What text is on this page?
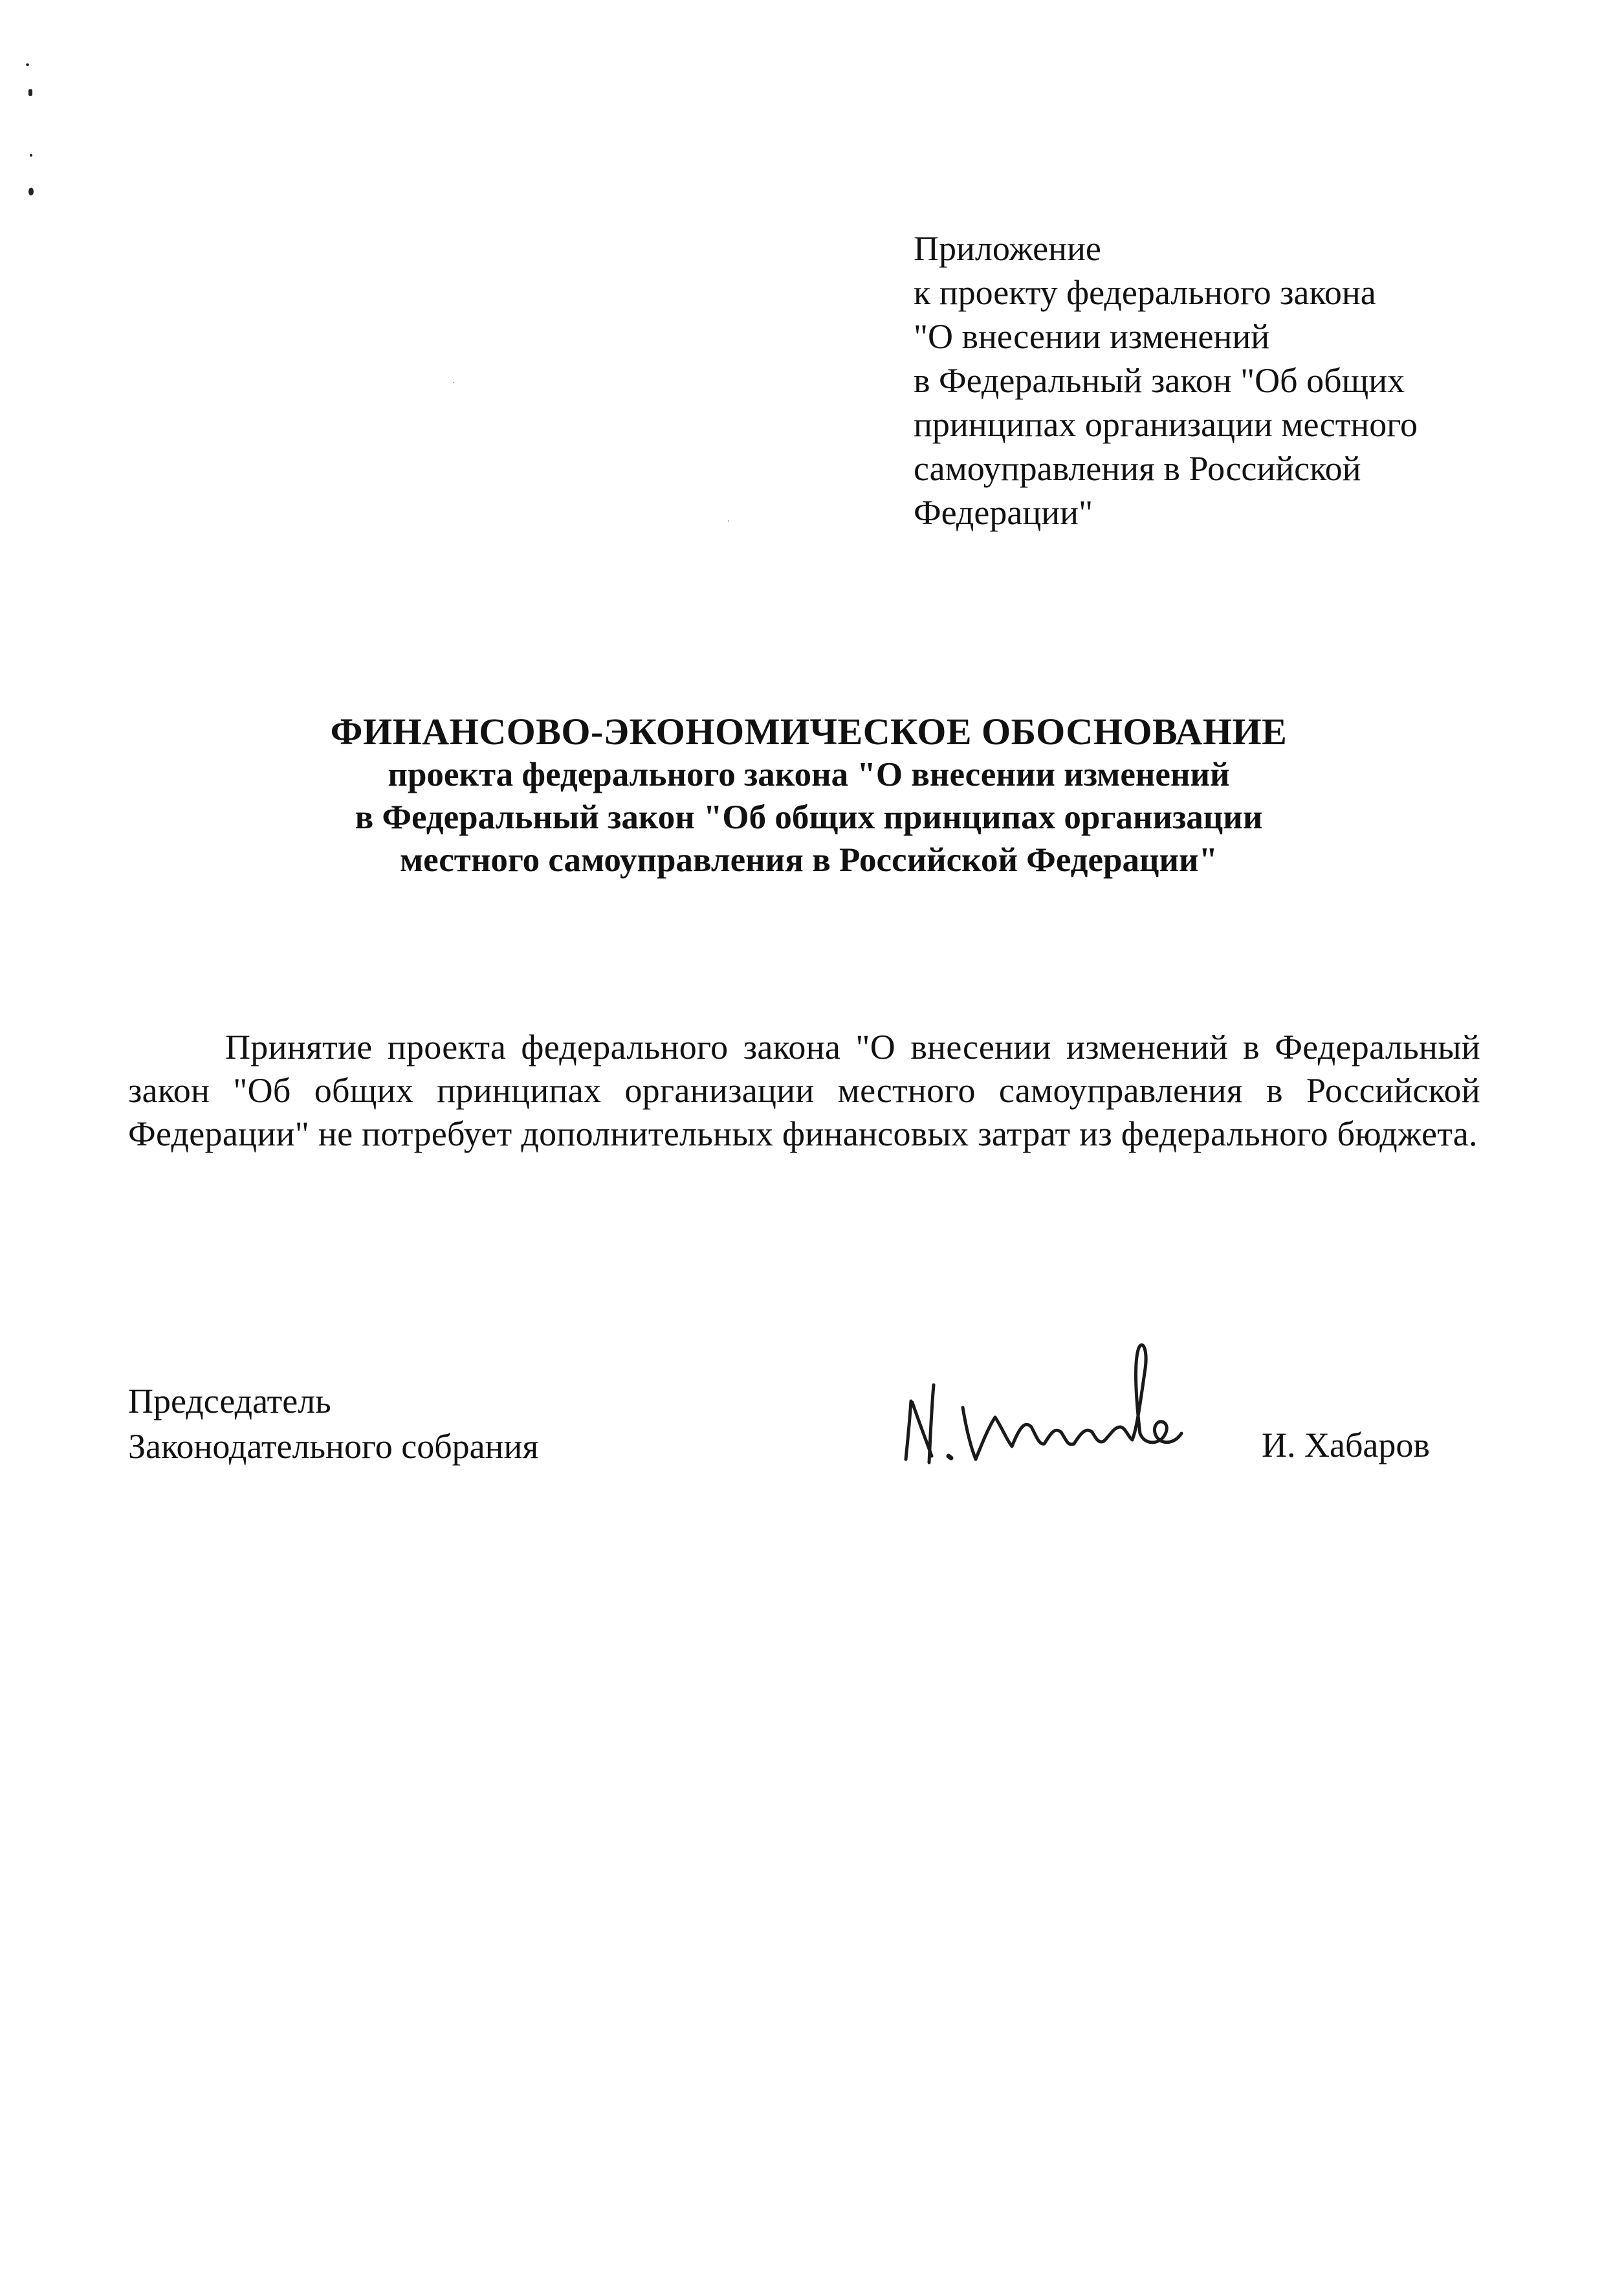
Приложение
к проекту федерального закона
"О внесении изменений
в Федеральный закон "Об общих
принципах организации местного
самоуправления в Российской
Федерации"
ФИНАНСОВО-ЭКОНОМИЧЕСКОЕ ОБОСНОВАНИЕ
проекта федерального закона "О внесении изменений
в Федеральный закон "Об общих принципах организации
местного самоуправления в Российской Федерации"
Принятие проекта федерального закона "О внесении изменений в Федеральный закон "Об общих принципах организации местного самоуправления в Российской Федерации" не потребует дополнительных финансовых затрат из федерального бюджета.
Председатель
Законодательного собрания	И. Хабаров
